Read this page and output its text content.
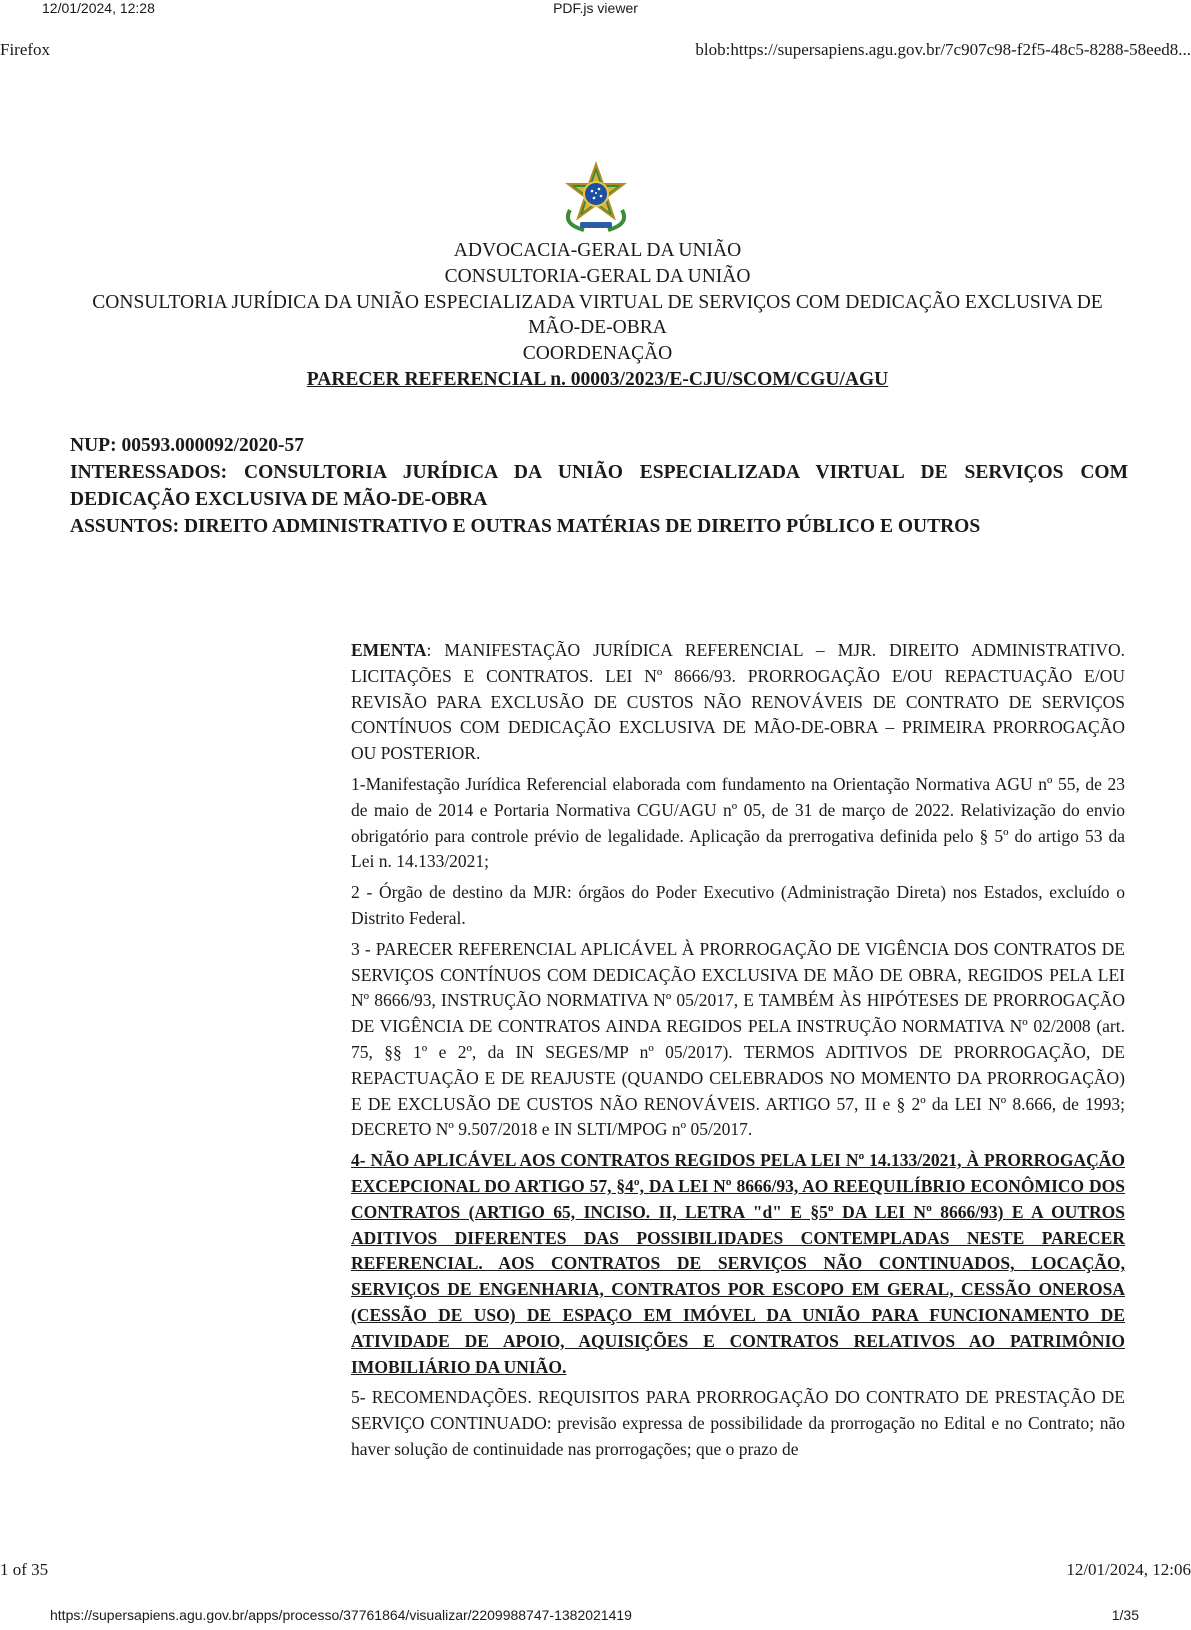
12/01/2024, 12:28	PDF.js viewer
Firefox	blob:https://supersapiens.agu.gov.br/7c907c98-f2f5-48c5-8288-58eed8...
ADVOCACIA-GERAL DA UNIÃO
CONSULTORIA-GERAL DA UNIÃO
CONSULTORIA JURÍDICA DA UNIÃO ESPECIALIZADA VIRTUAL DE SERVIÇOS COM DEDICAÇÃO EXCLUSIVA DE MÃO-DE-OBRA
COORDENAÇÃO
PARECER REFERENCIAL n. 00003/2023/E-CJU/SCOM/CGU/AGU

NUP: 00593.000092/2020-57

INTERESSADOS: CONSULTORIA JURÍDICA DA UNIÃO ESPECIALIZADA VIRTUAL DE SERVIÇOS COM DEDICAÇÃO EXCLUSIVA DE MÃO-DE-OBRA

ASSUNTOS: DIREITO ADMINISTRATIVO E OUTRAS MATÉRIAS DE DIREITO PÚBLICO E OUTROS

EMENTA: MANIFESTAÇÃO JURÍDICA REFERENCIAL – MJR. DIREITO ADMINISTRATIVO. LICITAÇÕES E CONTRATOS. LEI Nº 8666/93. PRORROGAÇÃO E/OU REPACTUAÇÃO E/OU REVISÃO PARA EXCLUSÃO DE CUSTOS NÃO RENOVÁVEIS DE CONTRATO DE SERVIÇOS CONTÍNUOS COM DEDICAÇÃO EXCLUSIVA DE MÃO-DE-OBRA – PRIMEIRA PRORROGAÇÃO OU POSTERIOR.

1-Manifestação Jurídica Referencial elaborada com fundamento na Orientação Normativa AGU nº 55, de 23 de maio de 2014 e Portaria Normativa CGU/AGU nº 05, de 31 de março de 2022. Relativização do envio obrigatório para controle prévio de legalidade. Aplicação da prerrogativa definida pelo § 5º do artigo 53 da Lei n. 14.133/2021;

2 - Órgão de destino da MJR: órgãos do Poder Executivo (Administração Direta) nos Estados, excluído o Distrito Federal.

3 - PARECER REFERENCIAL APLICÁVEL À PRORROGAÇÃO DE VIGÊNCIA DOS CONTRATOS DE SERVIÇOS CONTÍNUOS COM DEDICAÇÃO EXCLUSIVA DE MÃO DE OBRA, REGIDOS PELA LEI Nº 8666/93, INSTRUÇÃO NORMATIVA Nº 05/2017, E TAMBÉM ÀS HIPÓTESES DE PRORROGAÇÃO DE VIGÊNCIA DE CONTRATOS AINDA REGIDOS PELA INSTRUÇÃO NORMATIVA Nº 02/2008 (art. 75, §§ 1º e 2º, da IN SEGES/MP nº 05/2017). TERMOS ADITIVOS DE PRORROGAÇÃO, DE REPACTUAÇÃO E DE REAJUSTE (QUANDO CELEBRADOS NO MOMENTO DA PRORROGAÇÃO) E DE EXCLUSÃO DE CUSTOS NÃO RENOVÁVEIS. ARTIGO 57, II e § 2º da LEI Nº 8.666, de 1993; DECRETO Nº 9.507/2018 e IN SLTI/MPOG nº 05/2017.

4- NÃO APLICÁVEL AOS CONTRATOS REGIDOS PELA LEI Nº 14.133/2021, À PRORROGAÇÃO EXCEPCIONAL DO ARTIGO 57, §4º, DA LEI Nº 8666/93, AO REEQUILÍBRIO ECONÔMICO DOS CONTRATOS (ARTIGO 65, INCISO. II, LETRA "d" E §5º DA LEI Nº 8666/93) E A OUTROS ADITIVOS DIFERENTES DAS POSSIBILIDADES CONTEMPLADAS NESTE PARECER REFERENCIAL. AOS CONTRATOS DE SERVIÇOS NÃO CONTINUADOS, LOCAÇÃO, SERVIÇOS DE ENGENHARIA, CONTRATOS POR ESCOPO EM GERAL, CESSÃO ONEROSA (CESSÃO DE USO) DE ESPAÇO EM IMÓVEL DA UNIÃO PARA FUNCIONAMENTO DE ATIVIDADE DE APOIO, AQUISIÇÕES E CONTRATOS RELATIVOS AO PATRIMÔNIO IMOBILIÁRIO DA UNIÃO.

5- RECOMENDAÇÕES. REQUISITOS PARA PRORROGAÇÃO DO CONTRATO DE PRESTAÇÃO DE SERVIÇO CONTINUADO: previsão expressa de possibilidade da prorrogação no Edital e no Contrato; não haver solução de continuidade nas prorrogações; que o prazo de

1 of 35	12/01/2024, 12:06
https://supersapiens.agu.gov.br/apps/processo/37761864/visualizar/2209988747-1382021419	1/35
